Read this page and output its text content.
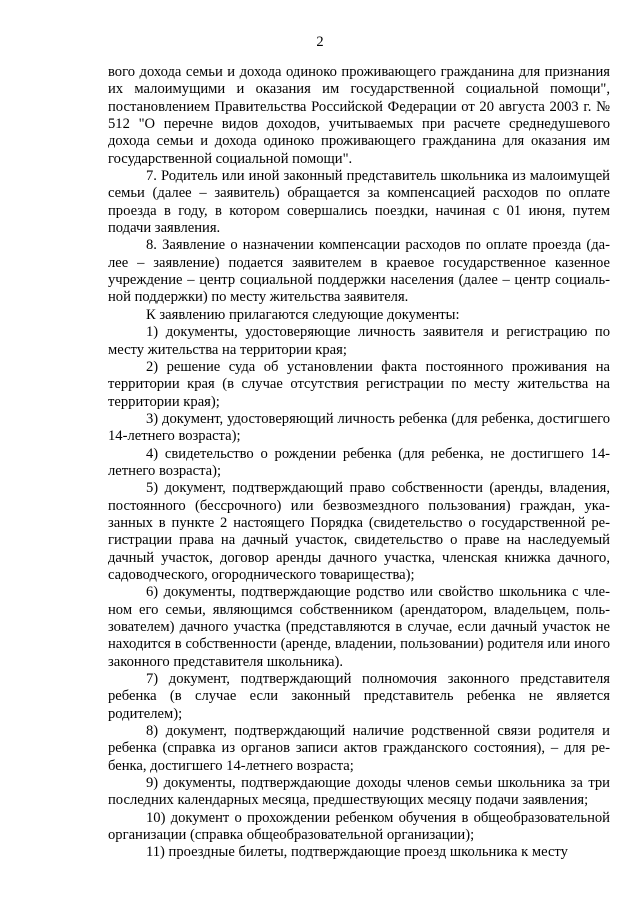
2

вого дохода семьи и дохода одиноко проживающего гражданина для признания их малоимущими и оказания им государственной социальной помощи", постановлением Правительства Российской Федерации от 20 августа 2003 г. № 512 "О перечне видов доходов, учитываемых при расчете среднедушевого дохода семьи и дохода одиноко проживающего гражданина для оказания им государственной социальной помощи".

7. Родитель или иной законный представитель школьника из малоимущей семьи (далее – заявитель) обращается за компенсацией расходов по оплате проезда в году, в котором совершались поездки, начиная с 01 июня, путем подачи заявления.

8. Заявление о назначении компенсации расходов по оплате проезда (далее – заявление) подается заявителем в краевое государственное казенное учреждение – центр социальной поддержки населения (далее – центр социальной поддержки) по месту жительства заявителя.

К заявлению прилагаются следующие документы:

1) документы, удостоверяющие личность заявителя и регистрацию по месту жительства на территории края;

2) решение суда об установлении факта постоянного проживания на территории края (в случае отсутствия регистрации по месту жительства на территории края);

3) документ, удостоверяющий личность ребенка (для ребенка, достигшего 14-летнего возраста);

4) свидетельство о рождении ребенка (для ребенка, не достигшего 14-летнего возраста);

5) документ, подтверждающий право собственности (аренды, владения, постоянного (бессрочного) или безвозмездного пользования) граждан, указанных в пункте 2 настоящего Порядка (свидетельство о государственной регистрации права на дачный участок, свидетельство о праве на наследуемый дачный участок, договор аренды дачного участка, членская книжка дачного, садоводческого, огороднического товарищества);

6) документы, подтверждающие родство или свойство школьника с членом его семьи, являющимся собственником (арендатором, владельцем, пользователем) дачного участка (представляются в случае, если дачный участок не находится в собственности (аренде, владении, пользовании) родителя или иного законного представителя школьника).

7) документ, подтверждающий полномочия законного представителя ребенка (в случае если законный представитель ребенка не является родителем);

8) документ, подтверждающий наличие родственной связи родителя и ребенка (справка из органов записи актов гражданского состояния), – для ребенка, достигшего 14-летнего возраста;

9) документы, подтверждающие доходы членов семьи школьника за три последних календарных месяца, предшествующих месяцу подачи заявления;

10) документ о прохождении ребенком обучения в общеобразовательной организации (справка общеобразовательной организации);

11) проездные билеты, подтверждающие проезд школьника к месту
